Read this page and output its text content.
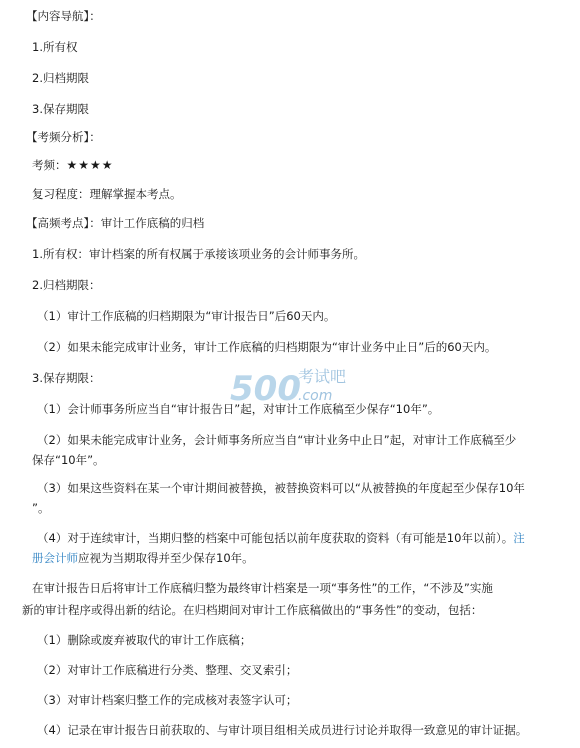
500
考试吧
.com
【内容导航】：
1.所有权
2.归档期限
3.保存期限
【考频分析】：
考频：★★★★
复习程度：理解掌握本考点。
【高频考点】：审计工作底稿的归档
1.所有权：审计档案的所有权属于承接该项业务的会计师事务所。
2.归档期限：
（1）审计工作底稿的归档期限为“审计报告日”后60天内。
（2）如果未能完成审计业务，审计工作底稿的归档期限为“审计业务中止日”后的60天内。
3.保存期限：
（1）会计师事务所应当自“审计报告日”起，对审计工作底稿至少保存“10年”。
（2）如果未能完成审计业务，会计师事务所应当自“审计业务中止日”起，对审计工作底稿至少
保存“10年”。
（3）如果这些资料在某一个审计期间被替换，被替换资料可以“从被替换的年度起至少保存10年
”。
（4）对于连续审计，当期归整的档案中可能包括以前年度获取的资料（有可能是10年以前）。注
册会计师应视为当期取得并至少保存10年。
在审计报告日后将审计工作底稿归整为最终审计档案是一项“事务性”的工作，“不涉及”实施
新的审计程序或得出新的结论。在归档期间对审计工作底稿做出的“事务性”的变动，包括：
（1）删除或废弃被取代的审计工作底稿；
（2）对审计工作底稿进行分类、整理、交叉索引；
（3）对审计档案归整工作的完成核对表签字认可；
（4）记录在审计报告日前获取的、与审计项目组相关成员进行讨论并取得一致意见的审计证据。
